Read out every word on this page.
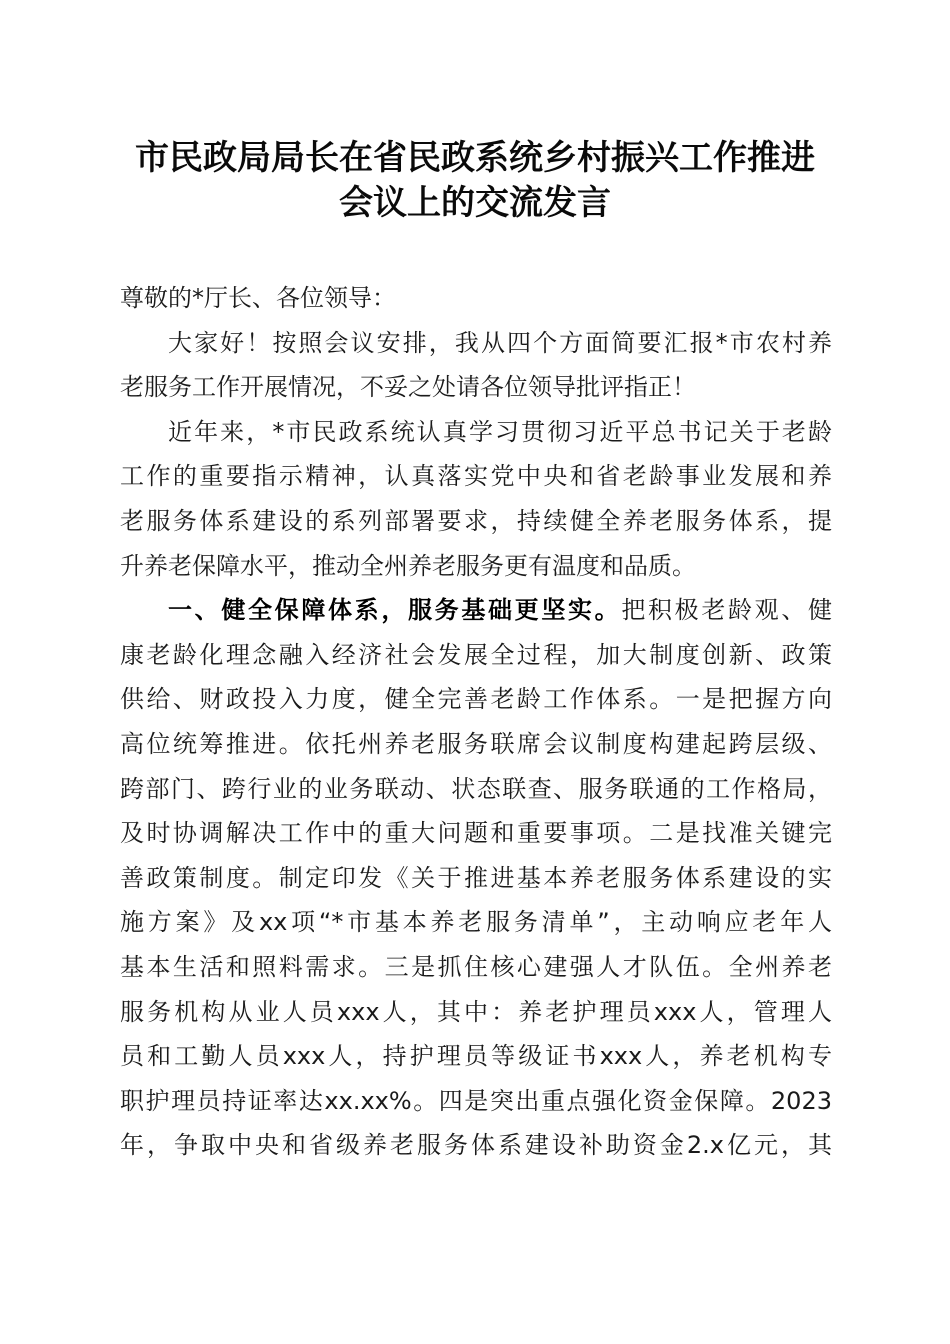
市民政局局长在省民政系统乡村振兴工作推进
会议上的交流发言
尊敬的*厅长、各位领导：
大家好！按照会议安排，我从四个方面简要汇报*市农村养
老服务工作开展情况，不妥之处请各位领导批评指正！
近年来，*市民政系统认真学习贯彻习近平总书记关于老龄
工作的重要指示精神，认真落实党中央和省老龄事业发展和养
老服务体系建设的系列部署要求，持续健全养老服务体系，提
升养老保障水平，推动全州养老服务更有温度和品质。
一、健全保障体系，服务基础更坚实。把积极老龄观、健
康老龄化理念融入经济社会发展全过程，加大制度创新、政策
供给、财政投入力度，健全完善老龄工作体系。一是把握方向
高位统筹推进。依托州养老服务联席会议制度构建起跨层级、
跨部门、跨行业的业务联动、状态联查、服务联通的工作格局，
及时协调解决工作中的重大问题和重要事项。二是找准关键完
善政策制度。制定印发《关于推进基本养老服务体系建设的实
施方案》及xx项“*市基本养老服务清单”，主动响应老年人
基本生活和照料需求。三是抓住核心建强人才队伍。全州养老
服务机构从业人员xxx人，其中：养老护理员xxx人，管理人
员和工勤人员xxx人，持护理员等级证书xxx人，养老机构专
职护理员持证率达xx.xx%。四是突出重点强化资金保障。2023
年，争取中央和省级养老服务体系建设补助资金2.x亿元，其
